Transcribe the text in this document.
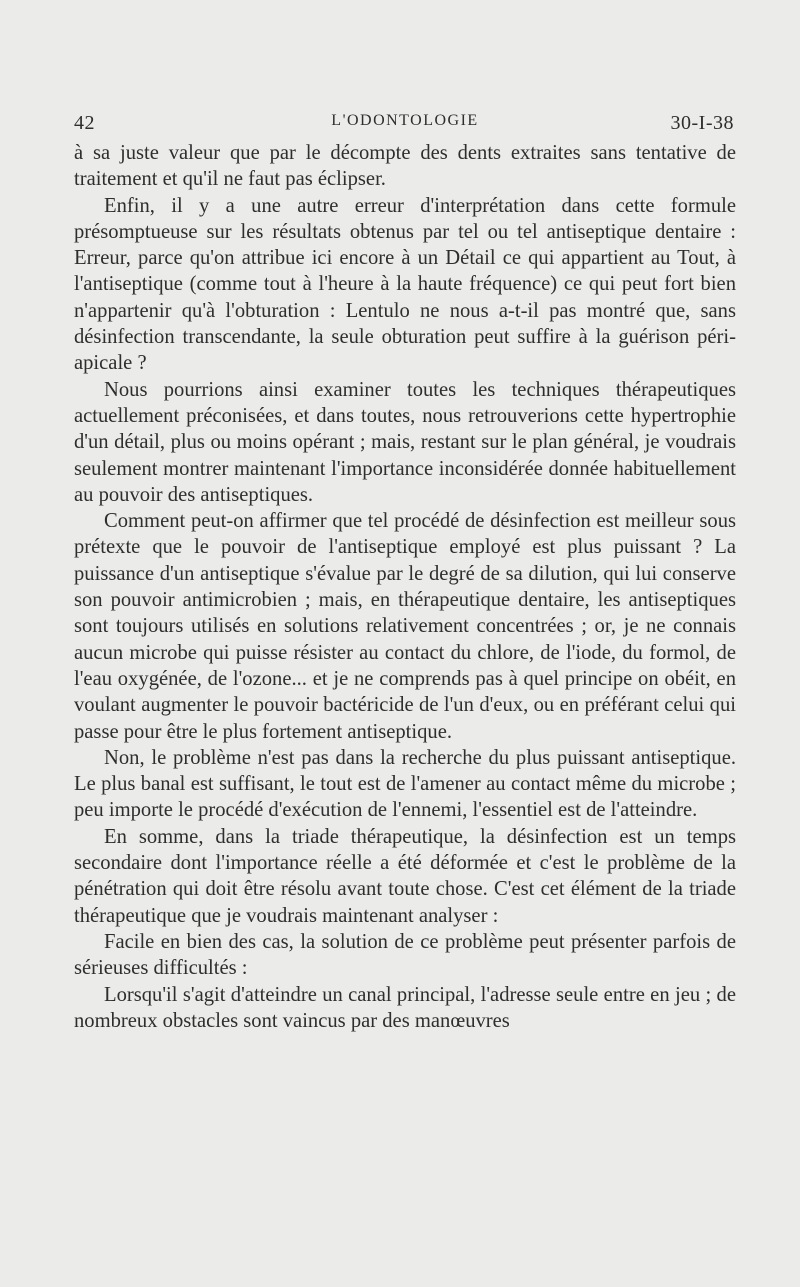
42	L'ODONTOLOGIE	30-I-38

à sa juste valeur que par le décompte des dents extraites sans tentative de traitement et qu'il ne faut pas éclipser.

Enfin, il y a une autre erreur d'interprétation dans cette formule présomptueuse sur les résultats obtenus par tel ou tel antiseptique dentaire : Erreur, parce qu'on attribue ici encore à un Détail ce qui appartient au Tout, à l'antiseptique (comme tout à l'heure à la haute fréquence) ce qui peut fort bien n'appartenir qu'à l'obturation : Lentulo ne nous a-t-il pas montré que, sans désinfection transcendante, la seule obturation peut suffire à la guérison péri-apicale ?

Nous pourrions ainsi examiner toutes les techniques thérapeutiques actuellement préconisées, et dans toutes, nous retrouverions cette hypertrophie d'un détail, plus ou moins opérant ; mais, restant sur le plan général, je voudrais seulement montrer maintenant l'importance inconsidérée donnée habituellement au pouvoir des antiseptiques.

Comment peut-on affirmer que tel procédé de désinfection est meilleur sous prétexte que le pouvoir de l'antiseptique employé est plus puissant ? La puissance d'un antiseptique s'évalue par le degré de sa dilution, qui lui conserve son pouvoir antimicrobien ; mais, en thérapeutique dentaire, les antiseptiques sont toujours utilisés en solutions relativement concentrées ; or, je ne connais aucun microbe qui puisse résister au contact du chlore, de l'iode, du formol, de l'eau oxygénée, de l'ozone... et je ne comprends pas à quel principe on obéit, en voulant augmenter le pouvoir bactéricide de l'un d'eux, ou en préférant celui qui passe pour être le plus fortement antiseptique.

Non, le problème n'est pas dans la recherche du plus puissant antiseptique. Le plus banal est suffisant, le tout est de l'amener au contact même du microbe ; peu importe le procédé d'exécution de l'ennemi, l'essentiel est de l'atteindre.

En somme, dans la triade thérapeutique, la désinfection est un temps secondaire dont l'importance réelle a été déformée et c'est le problème de la pénétration qui doit être résolu avant toute chose. C'est cet élément de la triade thérapeutique que je voudrais maintenant analyser :

Facile en bien des cas, la solution de ce problème peut présenter parfois de sérieuses difficultés :

Lorsqu'il s'agit d'atteindre un canal principal, l'adresse seule entre en jeu ; de nombreux obstacles sont vaincus par des manœuvres
